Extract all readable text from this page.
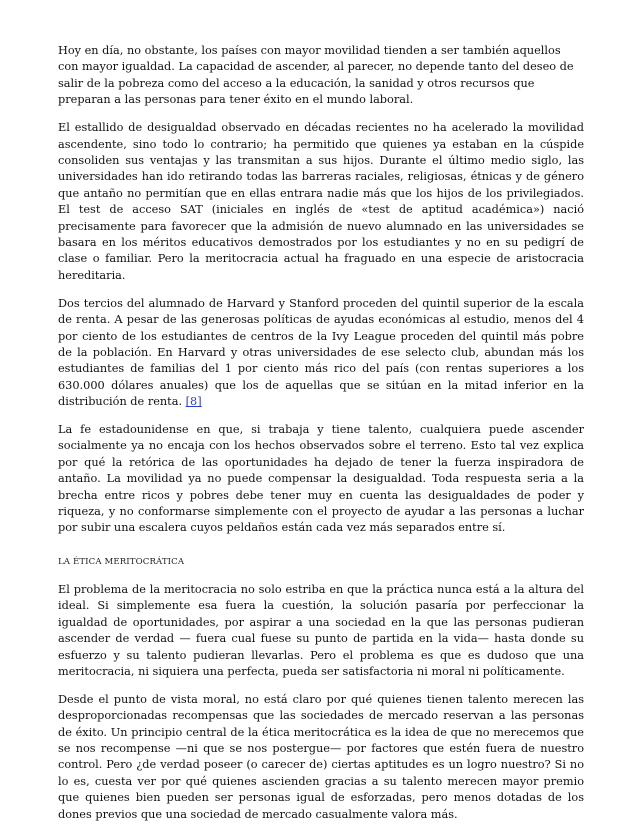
Hoy en día, no obstante, los países con mayor movilidad tienden a ser también aquellos con mayor igualdad. La capacidad de ascender, al parecer, no depende tanto del deseo de salir de la pobreza como del acceso a la educación, la sanidad y otros recursos que preparan a las personas para tener éxito en el mundo laboral.

El estallido de desigualdad observado en décadas recientes no ha acelerado la movilidad ascendente, sino todo lo contrario; ha permitido que quienes ya estaban en la cúspide consoliden sus ventajas y las transmitan a sus hijos. Durante el último medio siglo, las universidades han ido retirando todas las barreras raciales, religiosas, étnicas y de género que antaño no permitían que en ellas entrara nadie más que los hijos de los privilegiados. El test de acceso SAT (iniciales en inglés de «test de aptitud académica») nació precisamente para favorecer que la admisión de nuevo alumnado en las universidades se basara en los méritos educativos demostrados por los estudiantes y no en su pedigrí de clase o familiar. Pero la meritocracia actual ha fraguado en una especie de aristocracia hereditaria.

Dos tercios del alumnado de Harvard y Stanford proceden del quintil superior de la escala de renta. A pesar de las generosas políticas de ayudas económicas al estudio, menos del 4 por ciento de los estudiantes de centros de la Ivy League proceden del quintil más pobre de la población. En Harvard y otras universidades de ese selecto club, abundan más los estudiantes de familias del 1 por ciento más rico del país (con rentas superiores a los 630.000 dólares anuales) que los de aquellas que se sitúan en la mitad inferior en la distribución de renta. [8]

La fe estadounidense en que, si trabaja y tiene talento, cualquiera puede ascender socialmente ya no encaja con los hechos observados sobre el terreno. Esto tal vez explica por qué la retórica de las oportunidades ha dejado de tener la fuerza inspiradora de antaño. La movilidad ya no puede compensar la desigualdad. Toda respuesta seria a la brecha entre ricos y pobres debe tener muy en cuenta las desigualdades de poder y riqueza, y no conformarse simplemente con el proyecto de ayudar a las personas a luchar por subir una escalera cuyos peldaños están cada vez más separados entre sí.

LA ÉTICA MERITOCRÁTICA

El problema de la meritocracia no solo estriba en que la práctica nunca está a la altura del ideal. Si simplemente esa fuera la cuestión, la solución pasaría por perfeccionar la igualdad de oportunidades, por aspirar a una sociedad en la que las personas pudieran ascender de verdad — fuera cual fuese su punto de partida en la vida— hasta donde su esfuerzo y su talento pudieran llevarlas. Pero el problema es que es dudoso que una meritocracia, ni siquiera una perfecta, pueda ser satisfactoria ni moral ni políticamente.

Desde el punto de vista moral, no está claro por qué quienes tienen talento merecen las desproporcionadas recompensas que las sociedades de mercado reservan a las personas de éxito. Un principio central de la ética meritocrática es la idea de que no merecemos que se nos recompense —ni que se nos postergue— por factores que estén fuera de nuestro control. Pero ¿de verdad poseer (o carecer de) ciertas aptitudes es un logro nuestro? Si no lo es, cuesta ver por qué quienes ascienden gracias a su talento merecen mayor premio que quienes bien pueden ser personas igual de esforzadas, pero menos dotadas de los dones previos que una sociedad de mercado casualmente valora más.
